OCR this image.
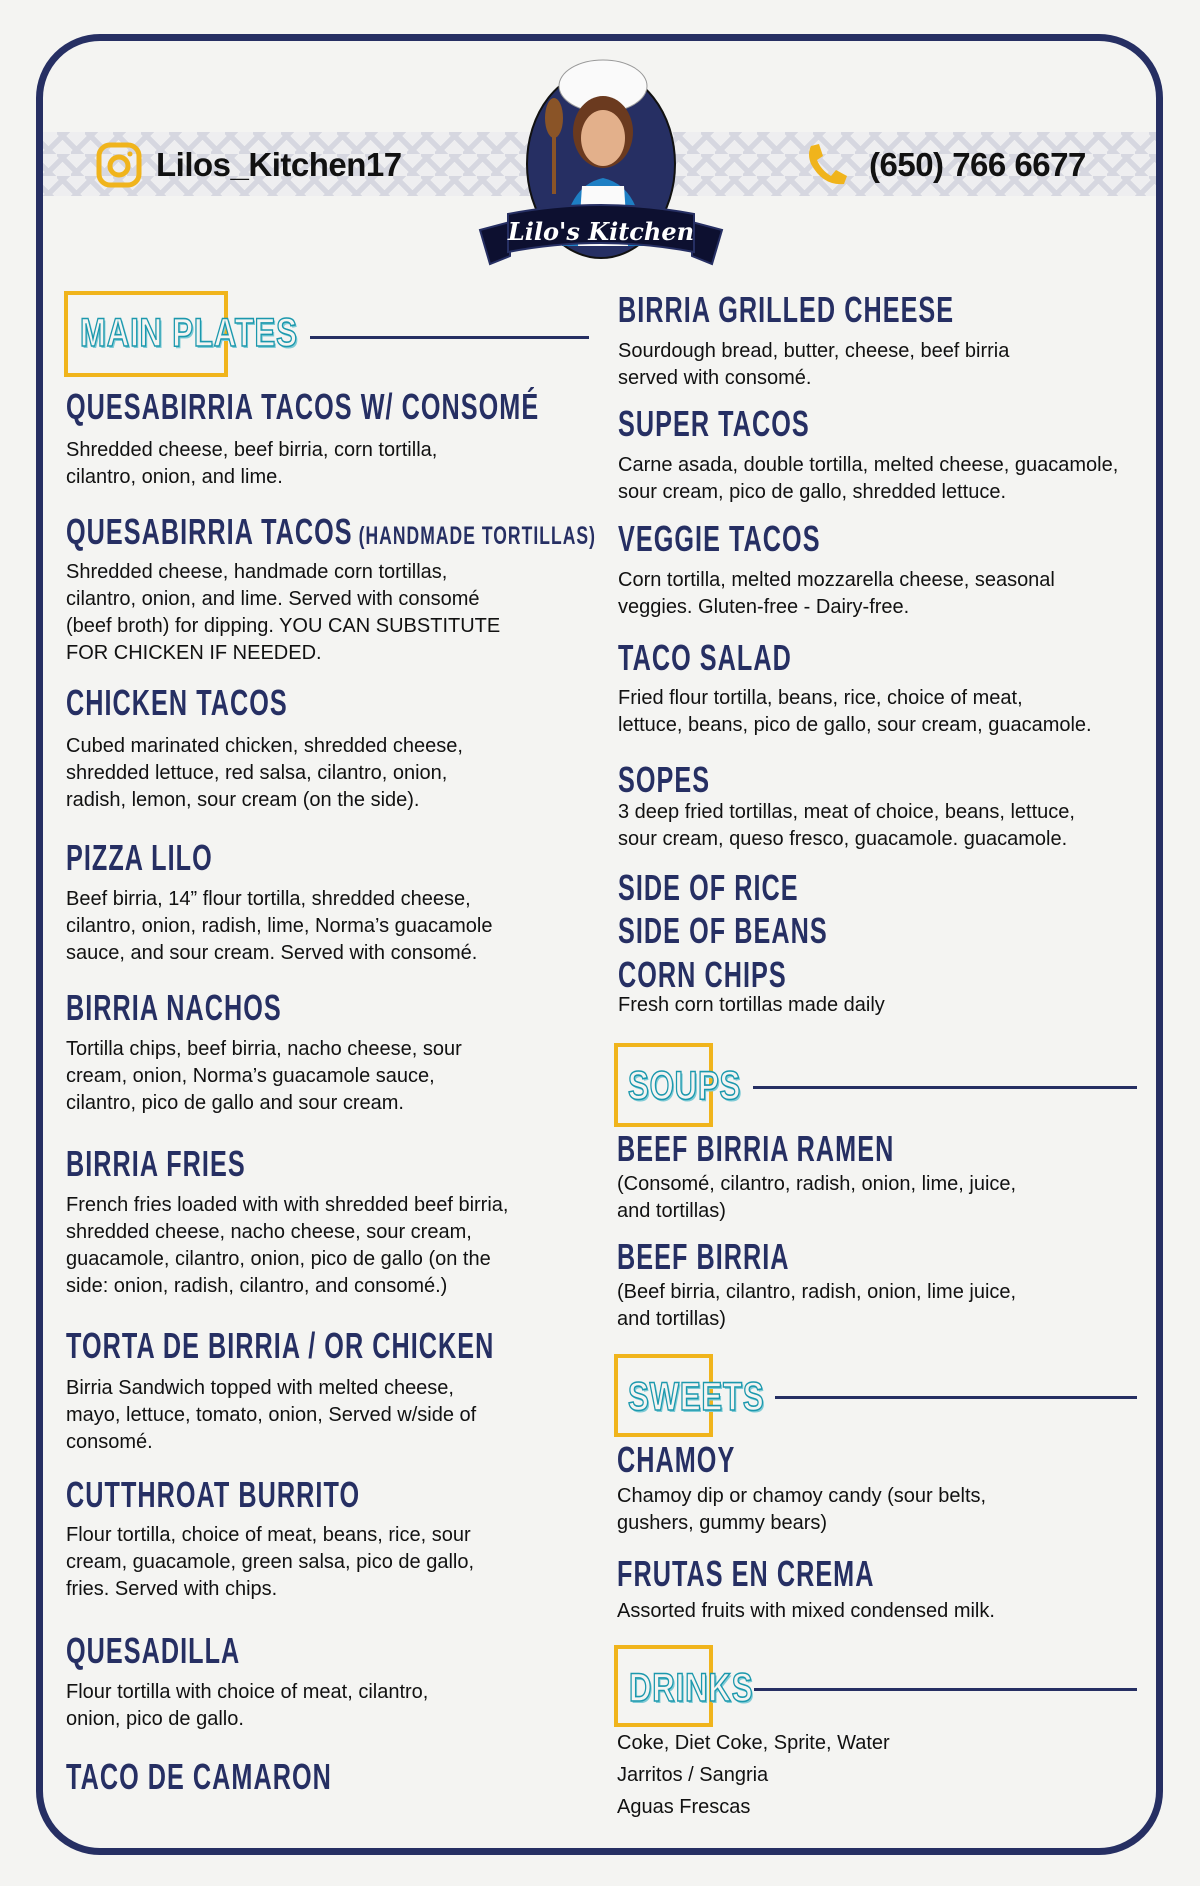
Lilos_Kitchen17	(650) 766 6677
Lilo's Kitchen
MAIN PLATES
QUESABIRRIA TACOS W/ CONSOMÉ
Shredded cheese, beef birria, corn tortilla,
cilantro, onion, and lime.
QUESABIRRIA TACOS (HANDMADE TORTILLAS)
Shredded cheese, handmade corn tortillas,
cilantro, onion, and lime. Served with consomé
(beef broth) for dipping. YOU CAN SUBSTITUTE
FOR CHICKEN IF NEEDED.
CHICKEN TACOS
Cubed marinated chicken, shredded cheese,
shredded lettuce, red salsa, cilantro, onion,
radish, lemon, sour cream (on the side).
PIZZA LILO
Beef birria, 14” flour tortilla, shredded cheese,
cilantro, onion, radish, lime, Norma’s guacamole
sauce, and sour cream. Served with consomé.
BIRRIA NACHOS
Tortilla chips, beef birria, nacho cheese, sour
cream, onion, Norma’s guacamole sauce,
cilantro, pico de gallo and sour cream.
BIRRIA FRIES
French fries loaded with with shredded beef birria,
shredded cheese, nacho cheese, sour cream,
guacamole, cilantro, onion, pico de gallo (on the
side: onion, radish, cilantro, and consomé.)
TORTA DE BIRRIA / OR CHICKEN
Birria Sandwich topped with melted cheese,
mayo, lettuce, tomato, onion, Served w/side of
consomé.
CUTTHROAT BURRITO
Flour tortilla, choice of meat, beans, rice, sour
cream, guacamole, green salsa, pico de gallo,
fries. Served with chips.
QUESADILLA
Flour tortilla with choice of meat, cilantro,
onion, pico de gallo.
TACO DE CAMARON
BIRRIA GRILLED CHEESE
Sourdough bread, butter, cheese, beef birria
served with consomé.
SUPER TACOS
Carne asada, double tortilla, melted cheese, guacamole,
sour cream, pico de gallo, shredded lettuce.
VEGGIE TACOS
Corn tortilla, melted mozzarella cheese, seasonal
veggies. Gluten-free - Dairy-free.
TACO SALAD
Fried flour tortilla, beans, rice, choice of meat,
lettuce, beans, pico de gallo, sour cream, guacamole.
SOPES
3 deep fried tortillas, meat of choice, beans, lettuce,
sour cream, queso fresco, guacamole. guacamole.
SIDE OF RICE
SIDE OF BEANS
CORN CHIPS
Fresh corn tortillas made daily
SOUPS
BEEF BIRRIA RAMEN
(Consomé, cilantro, radish, onion, lime, juice,
and tortillas)
BEEF BIRRIA
(Beef birria, cilantro, radish, onion, lime juice,
and tortillas)
SWEETS
CHAMOY
Chamoy dip or chamoy candy (sour belts,
gushers, gummy bears)
FRUTAS EN CREMA
Assorted fruits with mixed condensed milk.
DRINKS
Coke, Diet Coke, Sprite, Water
Jarritos / Sangria
Aguas Frescas
